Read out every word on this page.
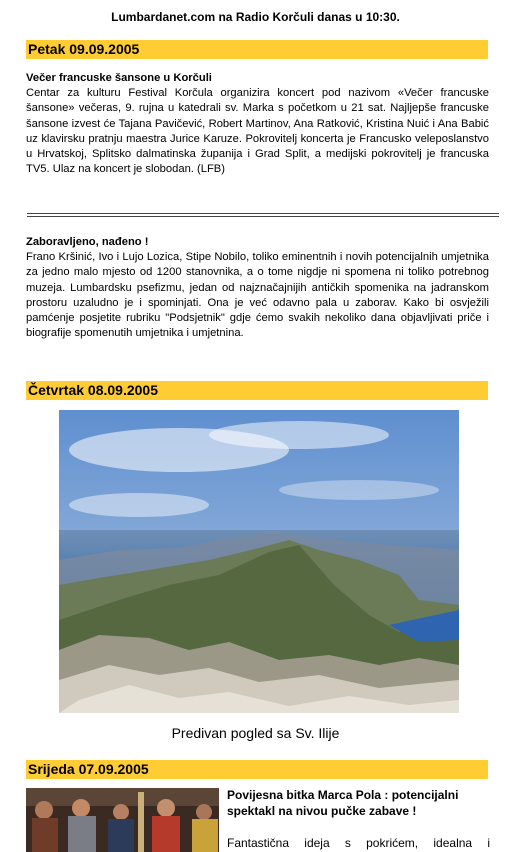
Lumbardanet.com na Radio Korčuli danas u 10:30.
Petak 09.09.2005
Večer francuske šansone u Korčuli
Centar za kulturu Festival Korčula organizira koncert pod nazivom «Večer francuske šansone» večeras, 9. rujna u katedrali sv. Marka s početkom u 21 sat. Najljepše francuske šansone izvest će Tajana Pavičević, Robert Martinov, Ana Ratković, Kristina Nuić i Ana Babić uz klavirsku pratnju maestra Jurice Karuze. Pokrovitelj koncerta je Francusko veleposlanstvo u Hrvatskoj, Splitsko dalmatinska županija i Grad Split, a medijski pokrovitelj je francuska TV5. Ulaz na koncert je slobodan. (LFB)
Zaboravljeno, nađeno !
Frano Kršinić, Ivo i Lujo Lozica, Stipe Nobilo, toliko eminentnih i novih potencijalnih umjetnika za jedno malo mjesto od 1200 stanovnika, a o tome nigdje ni spomena ni toliko potrebnog muzeja. Lumbardsku psefizmu, jedan od najznačajnijih antičkih spomenika na jadranskom prostoru uzaludno je i spominjati. Ona je već odavno pala u zaborav. Kako bi osvježili pamćenje posjetite rubriku "Podsjetnik" gdje ćemo svakih nekoliko dana objavljivati priče i biografije spomenutih umjetnika i umjetnina.
Četvrtak 08.09.2005
Predivan pogled sa Sv. Ilije
Srijeda 07.09.2005
Povijesna bitka Marca Pola : potencijalni spektakl na nivou pučke zabave !
Fantastična ideja s pokrićem, idealna i
